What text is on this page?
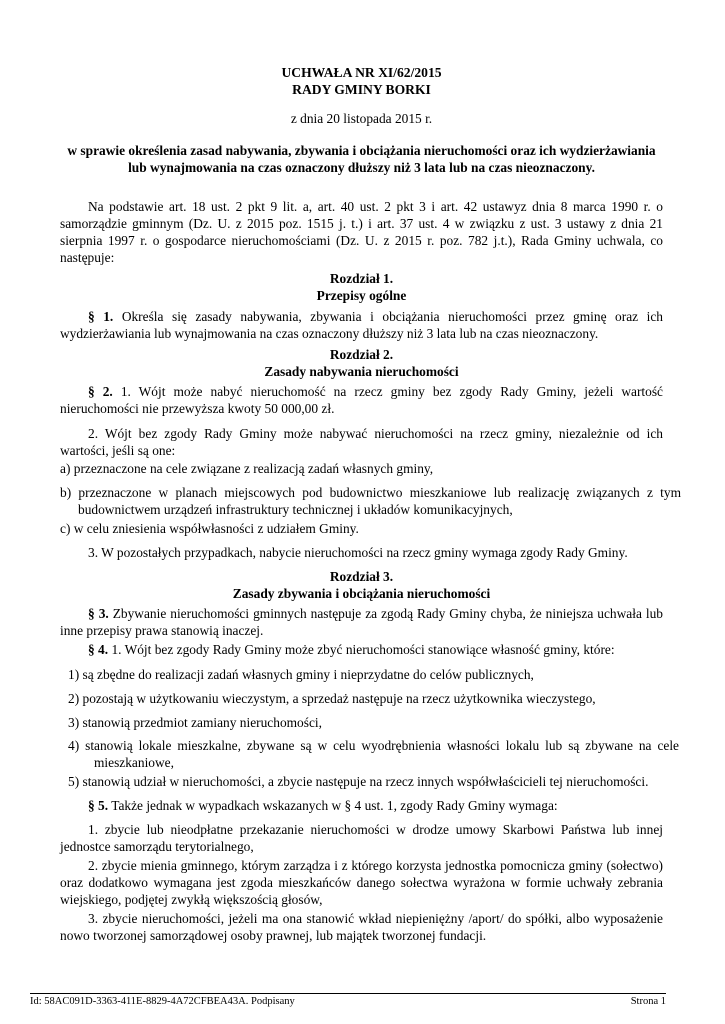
UCHWAŁA NR XI/62/2015
RADY GMINY BORKI
z dnia 20 listopada 2015 r.
w sprawie określenia zasad nabywania, zbywania i obciążania nieruchomości oraz ich wydzierżawiania
lub wynajmowania na czas oznaczony dłuższy niż 3 lata lub na czas nieoznaczony.
Na podstawie art. 18 ust. 2 pkt 9 lit. a, art. 40 ust. 2 pkt 3 i art. 42 ustawyz dnia 8 marca 1990 r. o samorządzie gminnym (Dz. U. z 2015 poz. 1515 j. t.) i art. 37 ust. 4 w związku z ust. 3 ustawy z dnia 21 sierpnia 1997 r. o gospodarce nieruchomościami (Dz. U. z 2015 r. poz. 782 j.t.), Rada Gminy uchwala, co następuje:
Rozdział 1.
Przepisy ogólne
§ 1. Określa się zasady nabywania, zbywania i obciążania nieruchomości przez gminę oraz ich wydzierżawiania lub wynajmowania na czas oznaczony dłuższy niż 3 lata lub na czas nieoznaczony.
Rozdział 2.
Zasady nabywania nieruchomości
§ 2. 1. Wójt może nabyć nieruchomość na rzecz gminy bez zgody Rady Gminy, jeżeli wartość nieruchomości nie przewyższa kwoty 50 000,00 zł.
2. Wójt bez zgody Rady Gminy może nabywać nieruchomości na rzecz gminy, niezależnie od ich wartości, jeśli są one:
a) przeznaczone na cele związane z realizacją zadań własnych gminy,
b) przeznaczone w planach miejscowych pod budownictwo mieszkaniowe lub realizację związanych z tym budownictwem urządzeń infrastruktury technicznej i układów komunikacyjnych,
c) w celu zniesienia współwłasności z udziałem Gminy.
3. W pozostałych przypadkach, nabycie nieruchomości na rzecz gminy wymaga zgody Rady Gminy.
Rozdział 3.
Zasady zbywania i obciążania nieruchomości
§ 3. Zbywanie nieruchomości gminnych następuje za zgodą Rady Gminy chyba, że niniejsza uchwała lub inne przepisy prawa stanowią inaczej.
§ 4. 1. Wójt bez zgody Rady Gminy może zbyć nieruchomości stanowiące własność gminy, które:
1) są zbędne do realizacji zadań własnych gminy i nieprzydatne do celów publicznych,
2) pozostają w użytkowaniu wieczystym, a sprzedaż następuje na rzecz użytkownika wieczystego,
3) stanowią przedmiot zamiany nieruchomości,
4) stanowią lokale mieszkalne, zbywane są w celu wyodrębnienia własności lokalu lub są zbywane na cele mieszkaniowe,
5) stanowią udział w nieruchomości, a zbycie następuje na rzecz innych współwłaścicieli tej nieruchomości.
§ 5. Także jednak w wypadkach wskazanych w § 4 ust. 1, zgody Rady Gminy wymaga:
1. zbycie lub nieodpłatne przekazanie nieruchomości w drodze umowy Skarbowi Państwa lub innej jednostce samorządu terytorialnego,
2. zbycie mienia gminnego, którym zarządza i z którego korzysta jednostka pomocnicza gminy (sołectwo) oraz dodatkowo wymagana jest zgoda mieszkańców danego sołectwa wyrażona w formie uchwały zebrania wiejskiego, podjętej zwykłą większością głosów,
3. zbycie nieruchomości, jeżeli ma ona stanowić wkład niepieniężny /aport/ do spółki, albo wyposażenie nowo tworzonej samorządowej osoby prawnej, lub majątek tworzonej fundacji.
Id: 58AC091D-3363-411E-8829-4A72CFBEA43A. Podpisany	Strona 1
